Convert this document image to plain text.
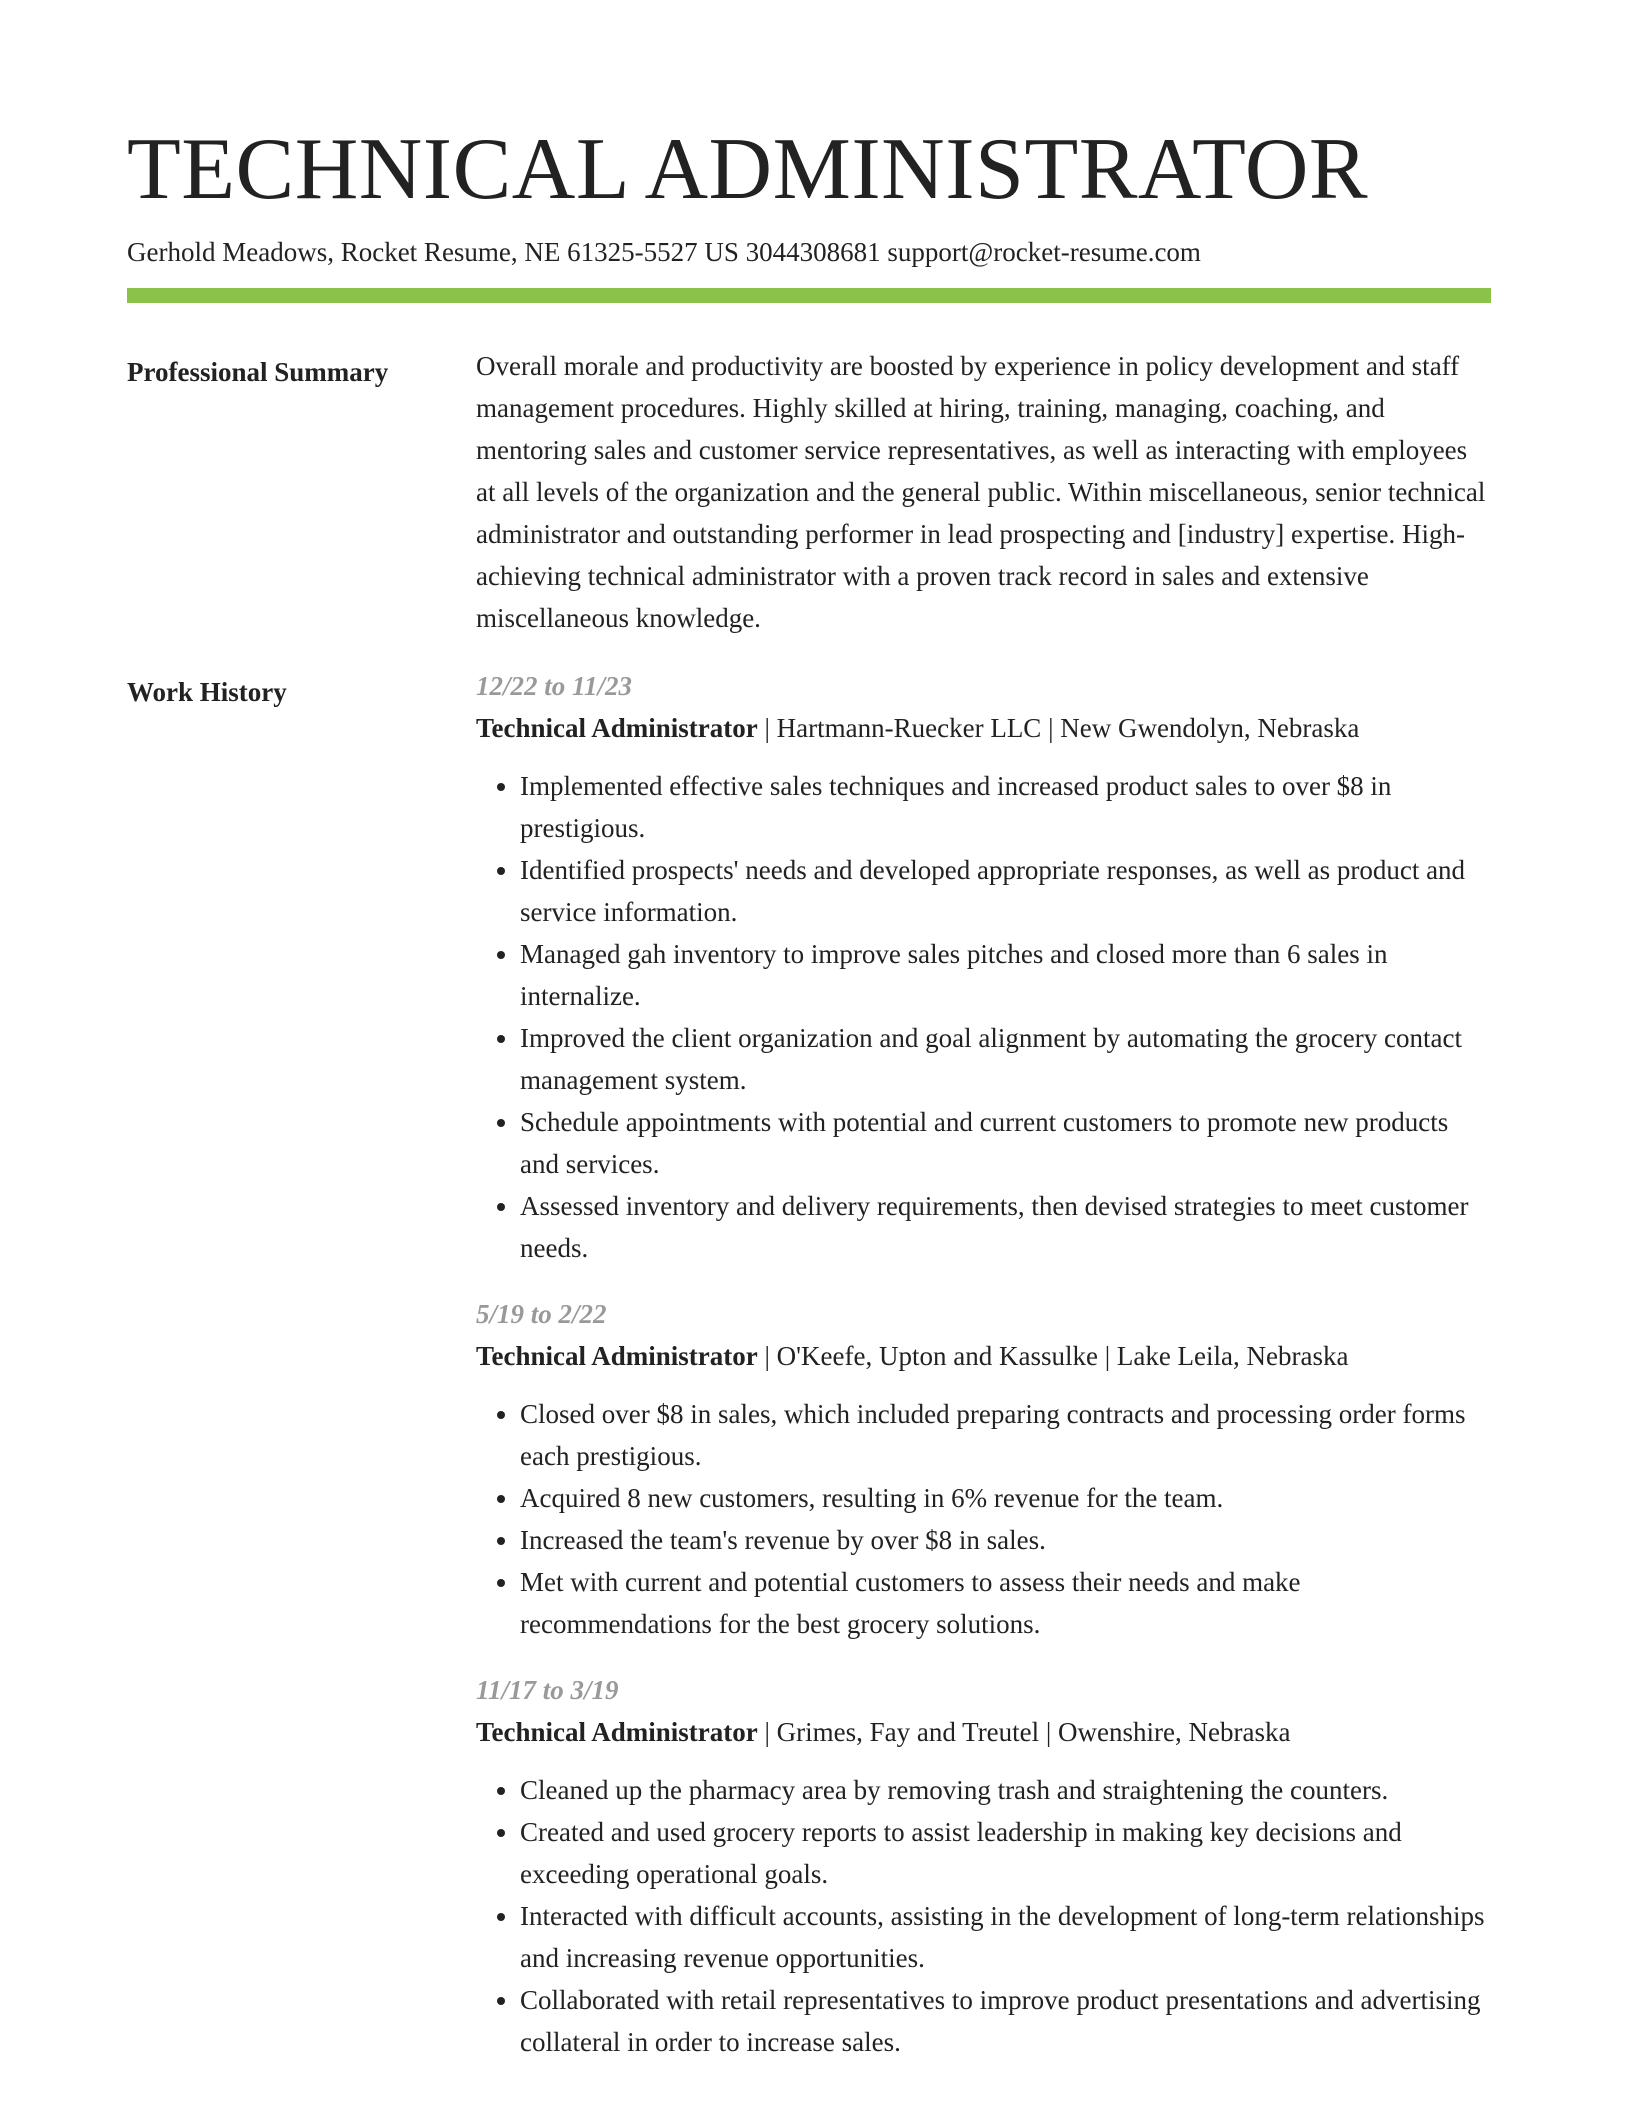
TECHNICAL ADMINISTRATOR
Gerhold Meadows, Rocket Resume, NE 61325-5527 US 3044308681 support@rocket-resume.com
Professional Summary	Overall morale and productivity are boosted by experience in policy development and staff management procedures. Highly skilled at hiring, training, managing, coaching, and mentoring sales and customer service representatives, as well as interacting with employees at all levels of the organization and the general public. Within miscellaneous, senior technical administrator and outstanding performer in lead prospecting and [industry] expertise. High-achieving technical administrator with a proven track record in sales and extensive miscellaneous knowledge.

Work History	12/22 to 11/23
Technical Administrator | Hartmann-Ruecker LLC | New Gwendolyn, Nebraska
• Implemented effective sales techniques and increased product sales to over $8 in prestigious.
• Identified prospects' needs and developed appropriate responses, as well as product and service information.
• Managed gah inventory to improve sales pitches and closed more than 6 sales in internalize.
• Improved the client organization and goal alignment by automating the grocery contact management system.
• Schedule appointments with potential and current customers to promote new products and services.
• Assessed inventory and delivery requirements, then devised strategies to meet customer needs.
5/19 to 2/22
Technical Administrator | O'Keefe, Upton and Kassulke | Lake Leila, Nebraska
• Closed over $8 in sales, which included preparing contracts and processing order forms each prestigious.
• Acquired 8 new customers, resulting in 6% revenue for the team.
• Increased the team's revenue by over $8 in sales.
• Met with current and potential customers to assess their needs and make recommendations for the best grocery solutions.
11/17 to 3/19
Technical Administrator | Grimes, Fay and Treutel | Owenshire, Nebraska
• Cleaned up the pharmacy area by removing trash and straightening the counters.
• Created and used grocery reports to assist leadership in making key decisions and exceeding operational goals.
• Interacted with difficult accounts, assisting in the development of long-term relationships and increasing revenue opportunities.
• Collaborated with retail representatives to improve product presentations and advertising collateral in order to increase sales.
